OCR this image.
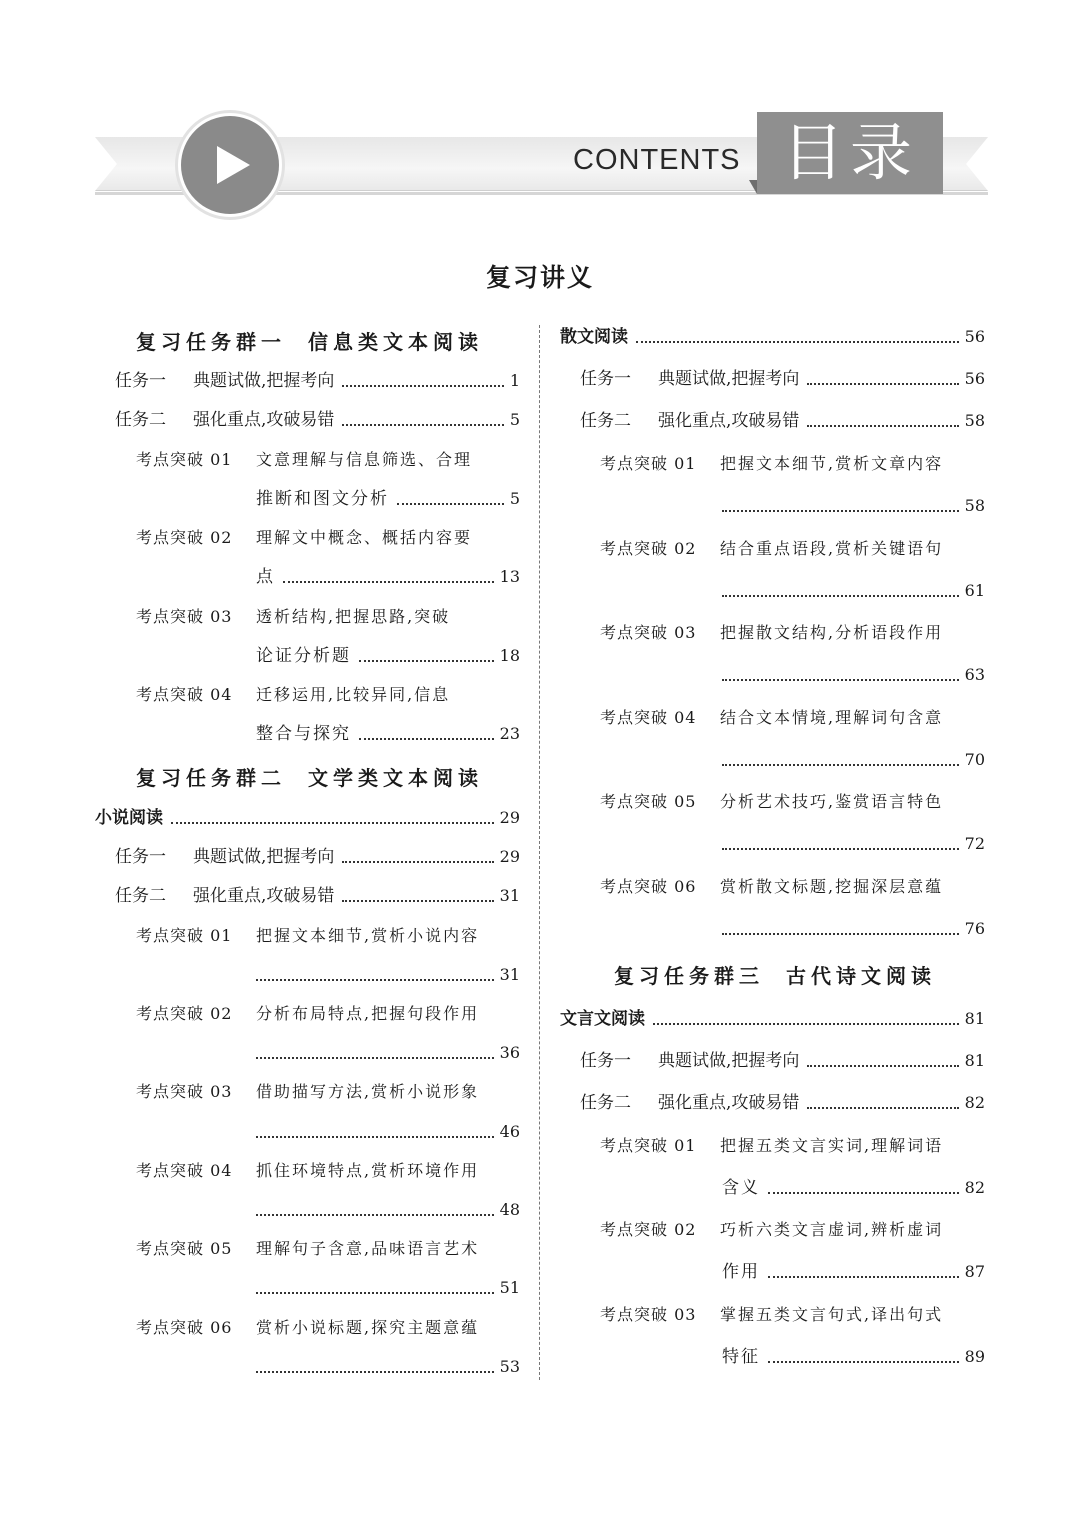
CONTENTS 目录
复习讲义
复习任务群一 信息类文本阅读
任务一	典题试做,把握考向	1
任务二	强化重点,攻破易错	5
考点突破 01 文意理解与信息筛选、合理
推断和图文分析	5
考点突破 02 理解文中概念、概括内容要
点	13
考点突破 03 透析结构,把握思路,突破
论证分析题	18
考点突破 04 迁移运用,比较异同,信息
整合与探究	23
复习任务群二 文学类文本阅读
小说阅读	29
任务一	典题试做,把握考向	29
任务二	强化重点,攻破易错	31
考点突破 01 把握文本细节,赏析小说内容
31
考点突破 02 分析布局特点,把握句段作用
36
考点突破 03 借助描写方法,赏析小说形象
46
考点突破 04 抓住环境特点,赏析环境作用
48
考点突破 05 理解句子含意,品味语言艺术
51
考点突破 06 赏析小说标题,探究主题意蕴
53
散文阅读	56
任务一	典题试做,把握考向	56
任务二	强化重点,攻破易错	58
考点突破 01 把握文本细节,赏析文章内容
58
考点突破 02 结合重点语段,赏析关键语句
61
考点突破 03 把握散文结构,分析语段作用
63
考点突破 04 结合文本情境,理解词句含意
70
考点突破 05 分析艺术技巧,鉴赏语言特色
72
考点突破 06 赏析散文标题,挖掘深层意蕴
76
复习任务群三 古代诗文阅读
文言文阅读	81
任务一	典题试做,把握考向	81
任务二	强化重点,攻破易错	82
考点突破 01 把握五类文言实词,理解词语
含义	82
考点突破 02 巧析六类文言虚词,辨析虚词
作用	87
考点突破 03 掌握五类文言句式,译出句式
特征	89
